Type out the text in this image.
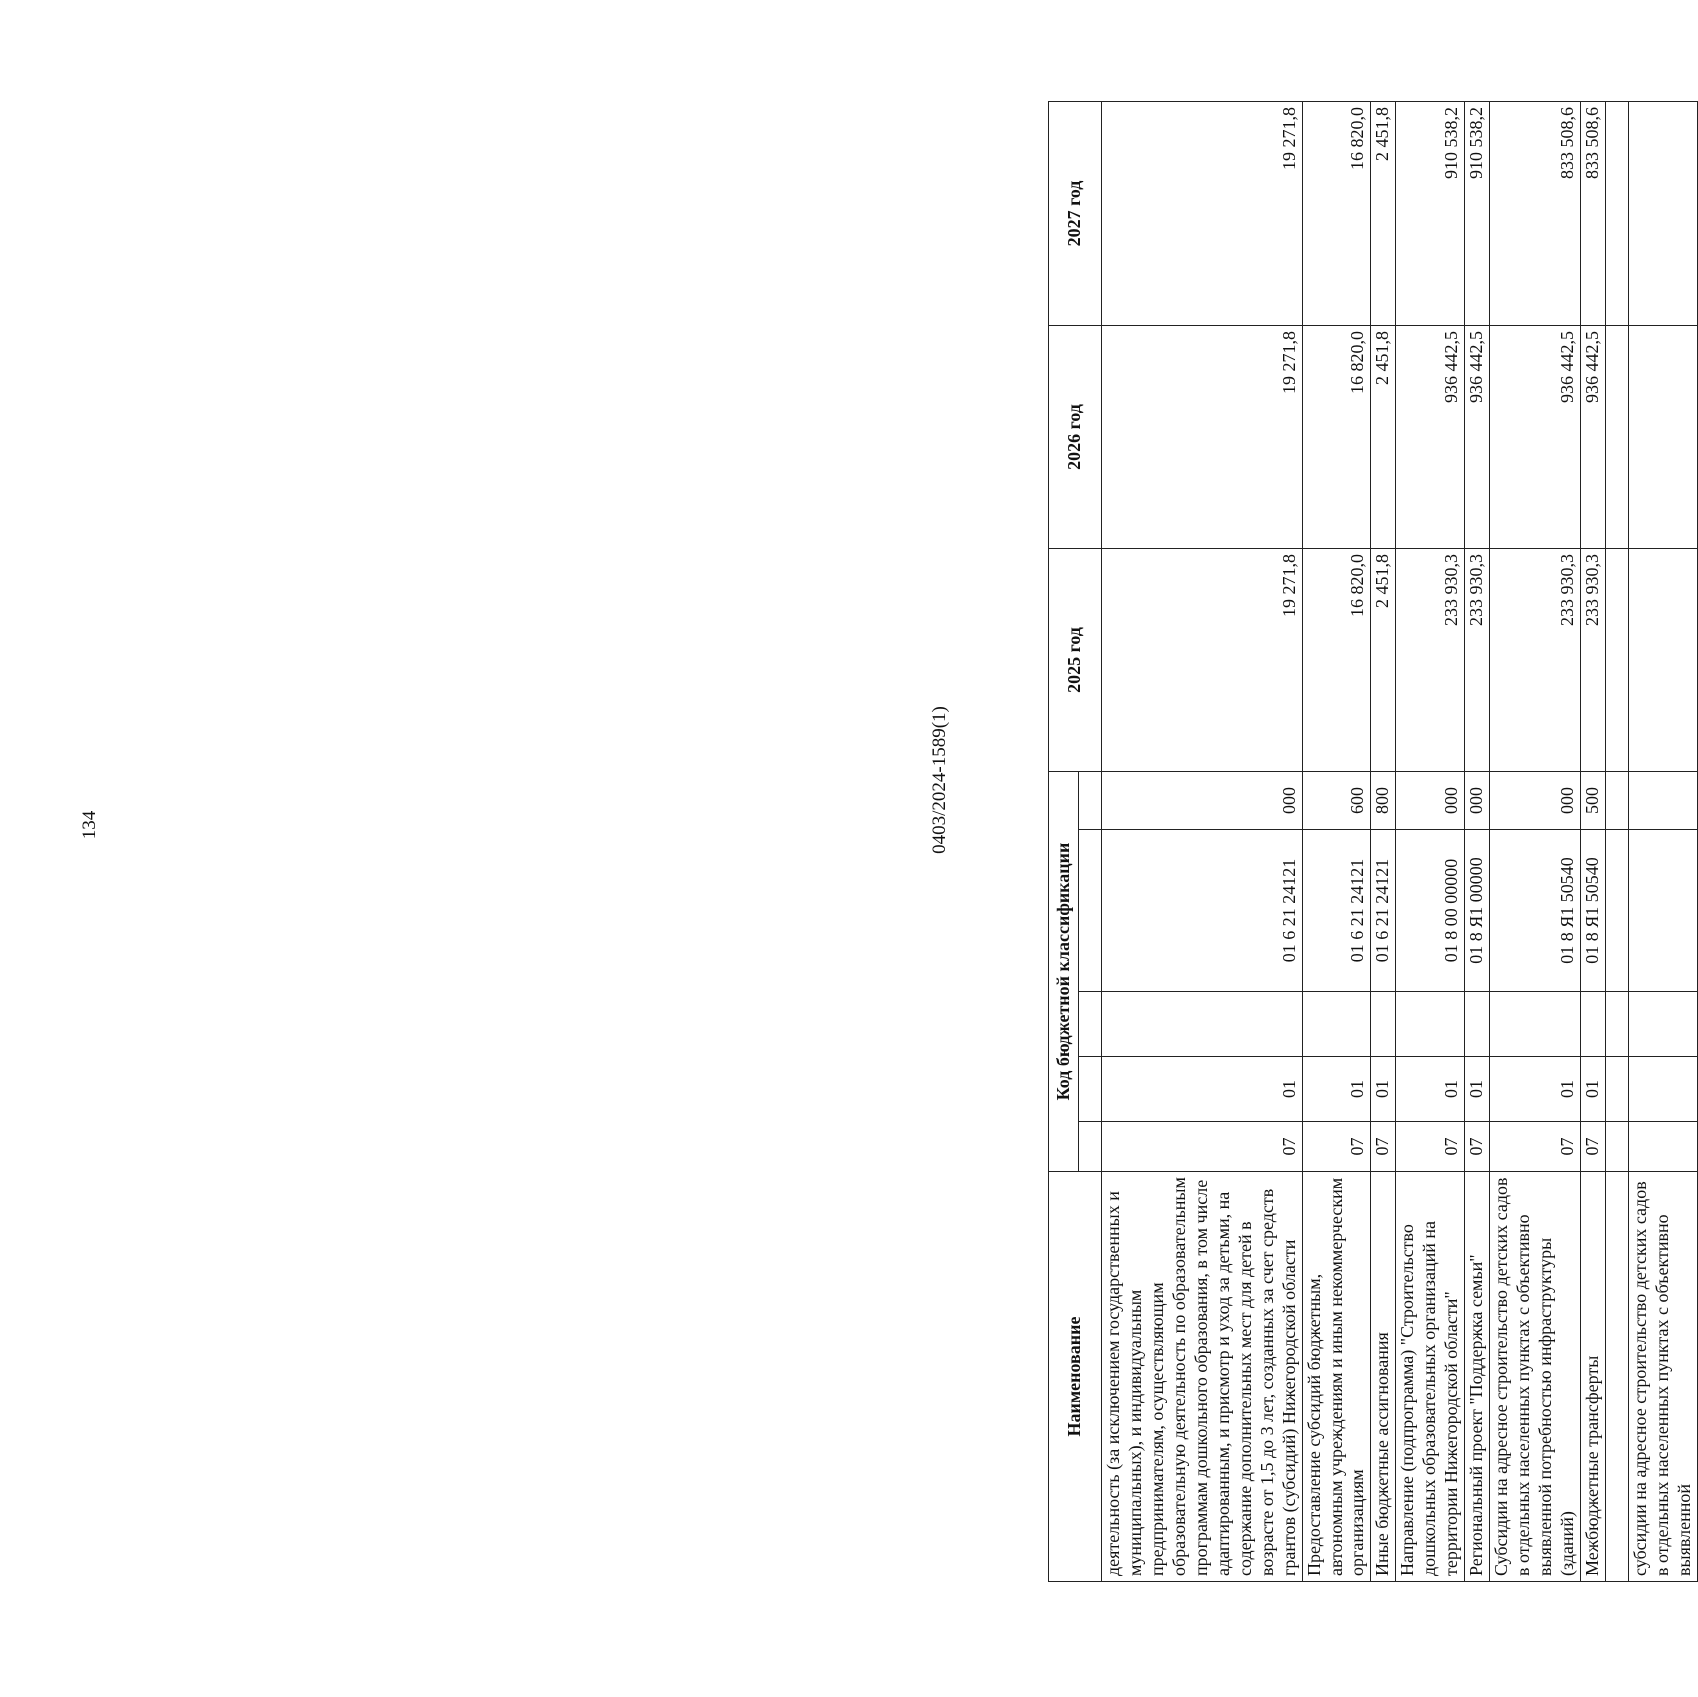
134	0403/2024-1589(1)
Наименование	Код бюджетной классификации					2025 год	2026 год	2027 год

деятельность (за исключением государственных и муниципальных), и индивидуальным предпринимателям, осуществляющим образовательную деятельность по образовательным программам дошкольного образования, в том числе адаптированным, и присмотр и уход за детьми, на содержание дополнительных мест для детей в возрасте от 1,5 до 3 лет, созданных за счет средств грантов (субсидий) Нижегородской области	07	01		01 6 21 24121	000	19 271,8	19 271,8	19 271,8
Предоставление субсидий бюджетным, автономным учреждениям и иным некоммерческим организациям	07	01		01 6 21 24121	600	16 820,0	16 820,0	16 820,0
Иные бюджетные ассигнования	07	01		01 6 21 24121	800	2 451,8	2 451,8	2 451,8
Направление (подпрограмма) "Строительство дошкольных образовательных организаций на территории Нижегородской области"	07	01		01 8 00 00000	000	233 930,3	936 442,5	910 538,2
Региональный проект "Поддержка семьи"	07	01		01 8 Я1 00000	000	233 930,3	936 442,5	910 538,2
Субсидии на адресное строительство детских садов в отдельных населенных пунктах с объективно выявленной потребностью инфраструктуры (зданий)	07	01		01 8 Я1 50540	000	233 930,3	936 442,5	833 508,6
Межбюджетные трансферты	07	01		01 8 Я1 50540	500	233 930,3	936 442,5	833 508,6

субсидии на адресное строительство детских садов в отдельных населенных пунктах с объективно выявленной								
